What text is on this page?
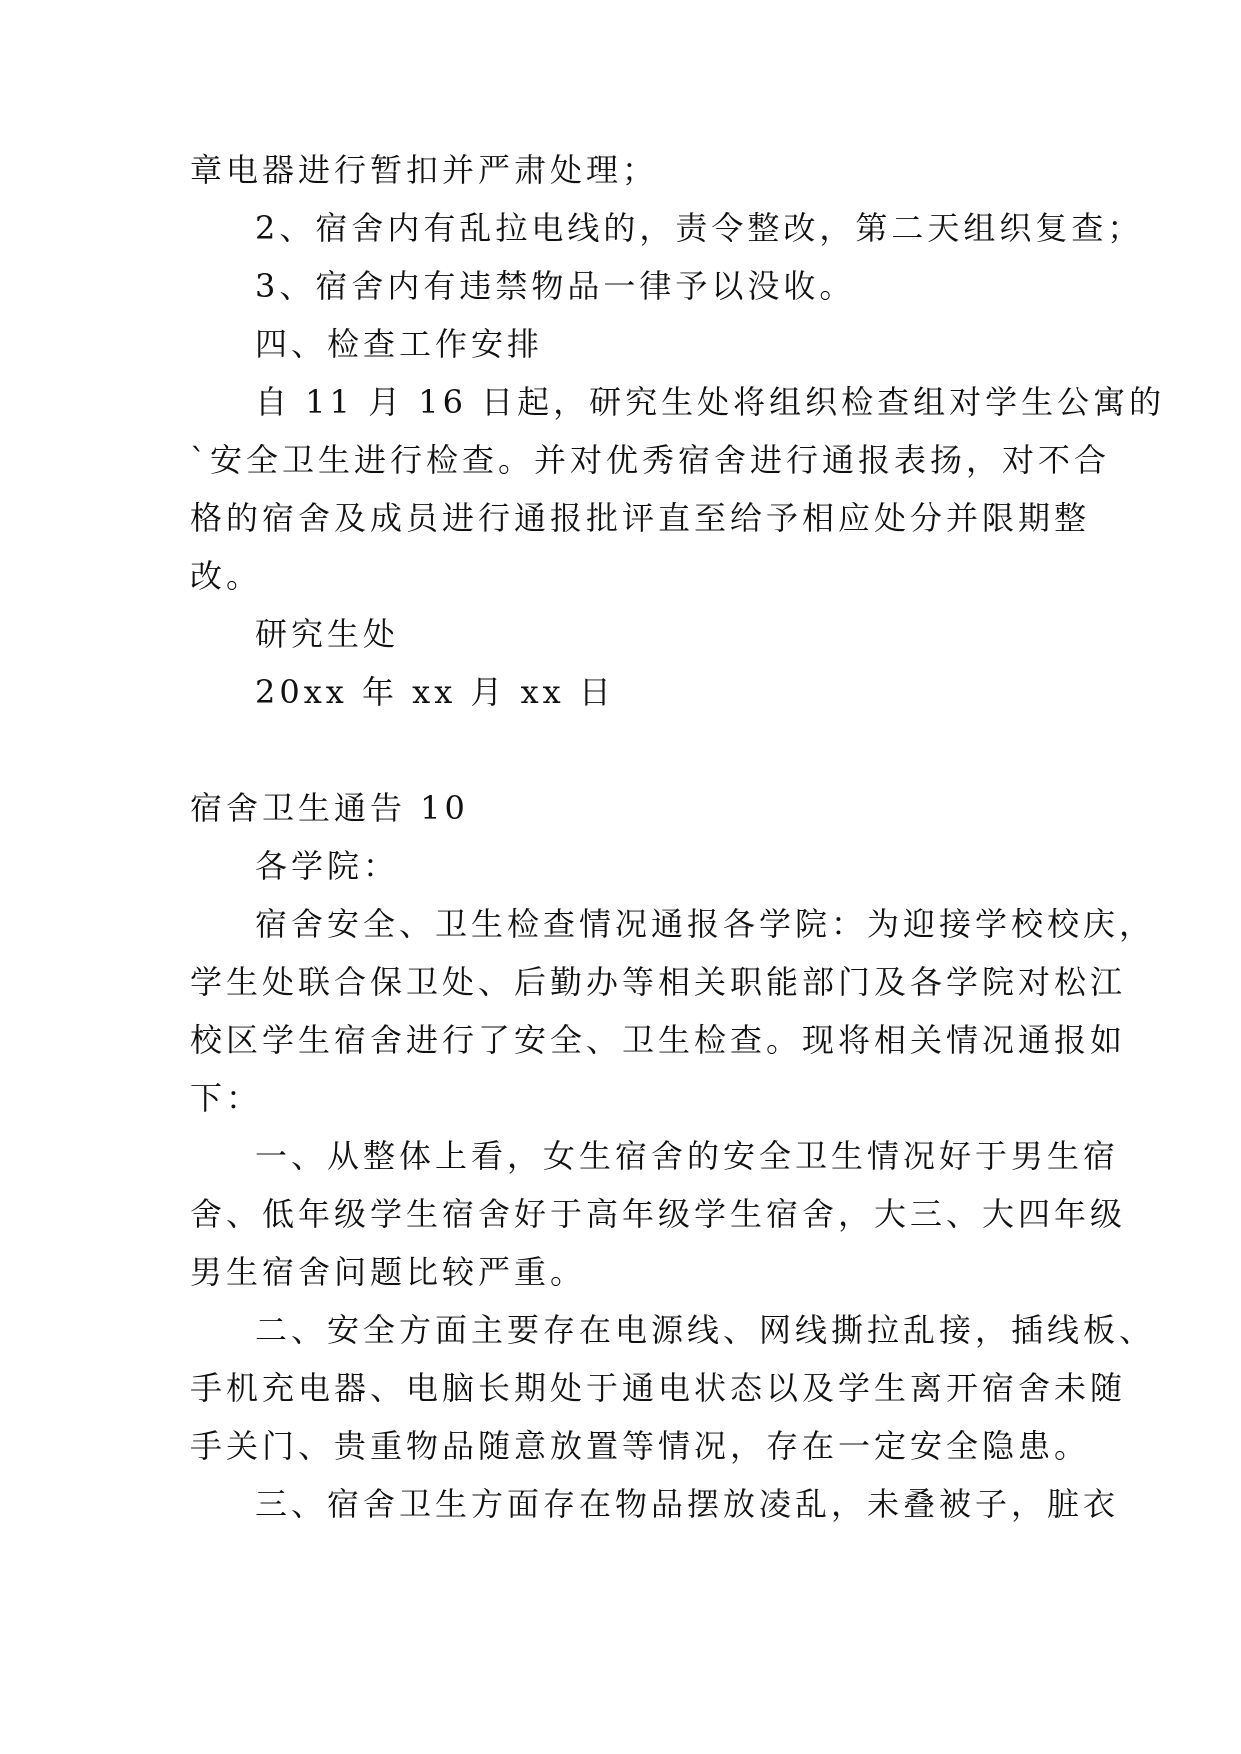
章电器进行暂扣并严肃处理；
2、宿舍内有乱拉电线的，责令整改，第二天组织复查；
3、宿舍内有违禁物品一律予以没收。
四、检查工作安排
自 11 月 16 日起，研究生处将组织检查组对学生公寓的
`安全卫生进行检查。并对优秀宿舍进行通报表扬，对不合
格的宿舍及成员进行通报批评直至给予相应处分并限期整
改。
研究生处
20xx 年 xx 月 xx 日
宿舍卫生通告 10
各学院：
宿舍安全、卫生检查情况通报各学院：为迎接学校校庆，
学生处联合保卫处、后勤办等相关职能部门及各学院对松江
校区学生宿舍进行了安全、卫生检查。现将相关情况通报如
下：
一、从整体上看，女生宿舍的安全卫生情况好于男生宿
舍、低年级学生宿舍好于高年级学生宿舍，大三、大四年级
男生宿舍问题比较严重。
二、安全方面主要存在电源线、网线撕拉乱接，插线板、
手机充电器、电脑长期处于通电状态以及学生离开宿舍未随
手关门、贵重物品随意放置等情况，存在一定安全隐患。
三、宿舍卫生方面存在物品摆放凌乱，未叠被子，脏衣
